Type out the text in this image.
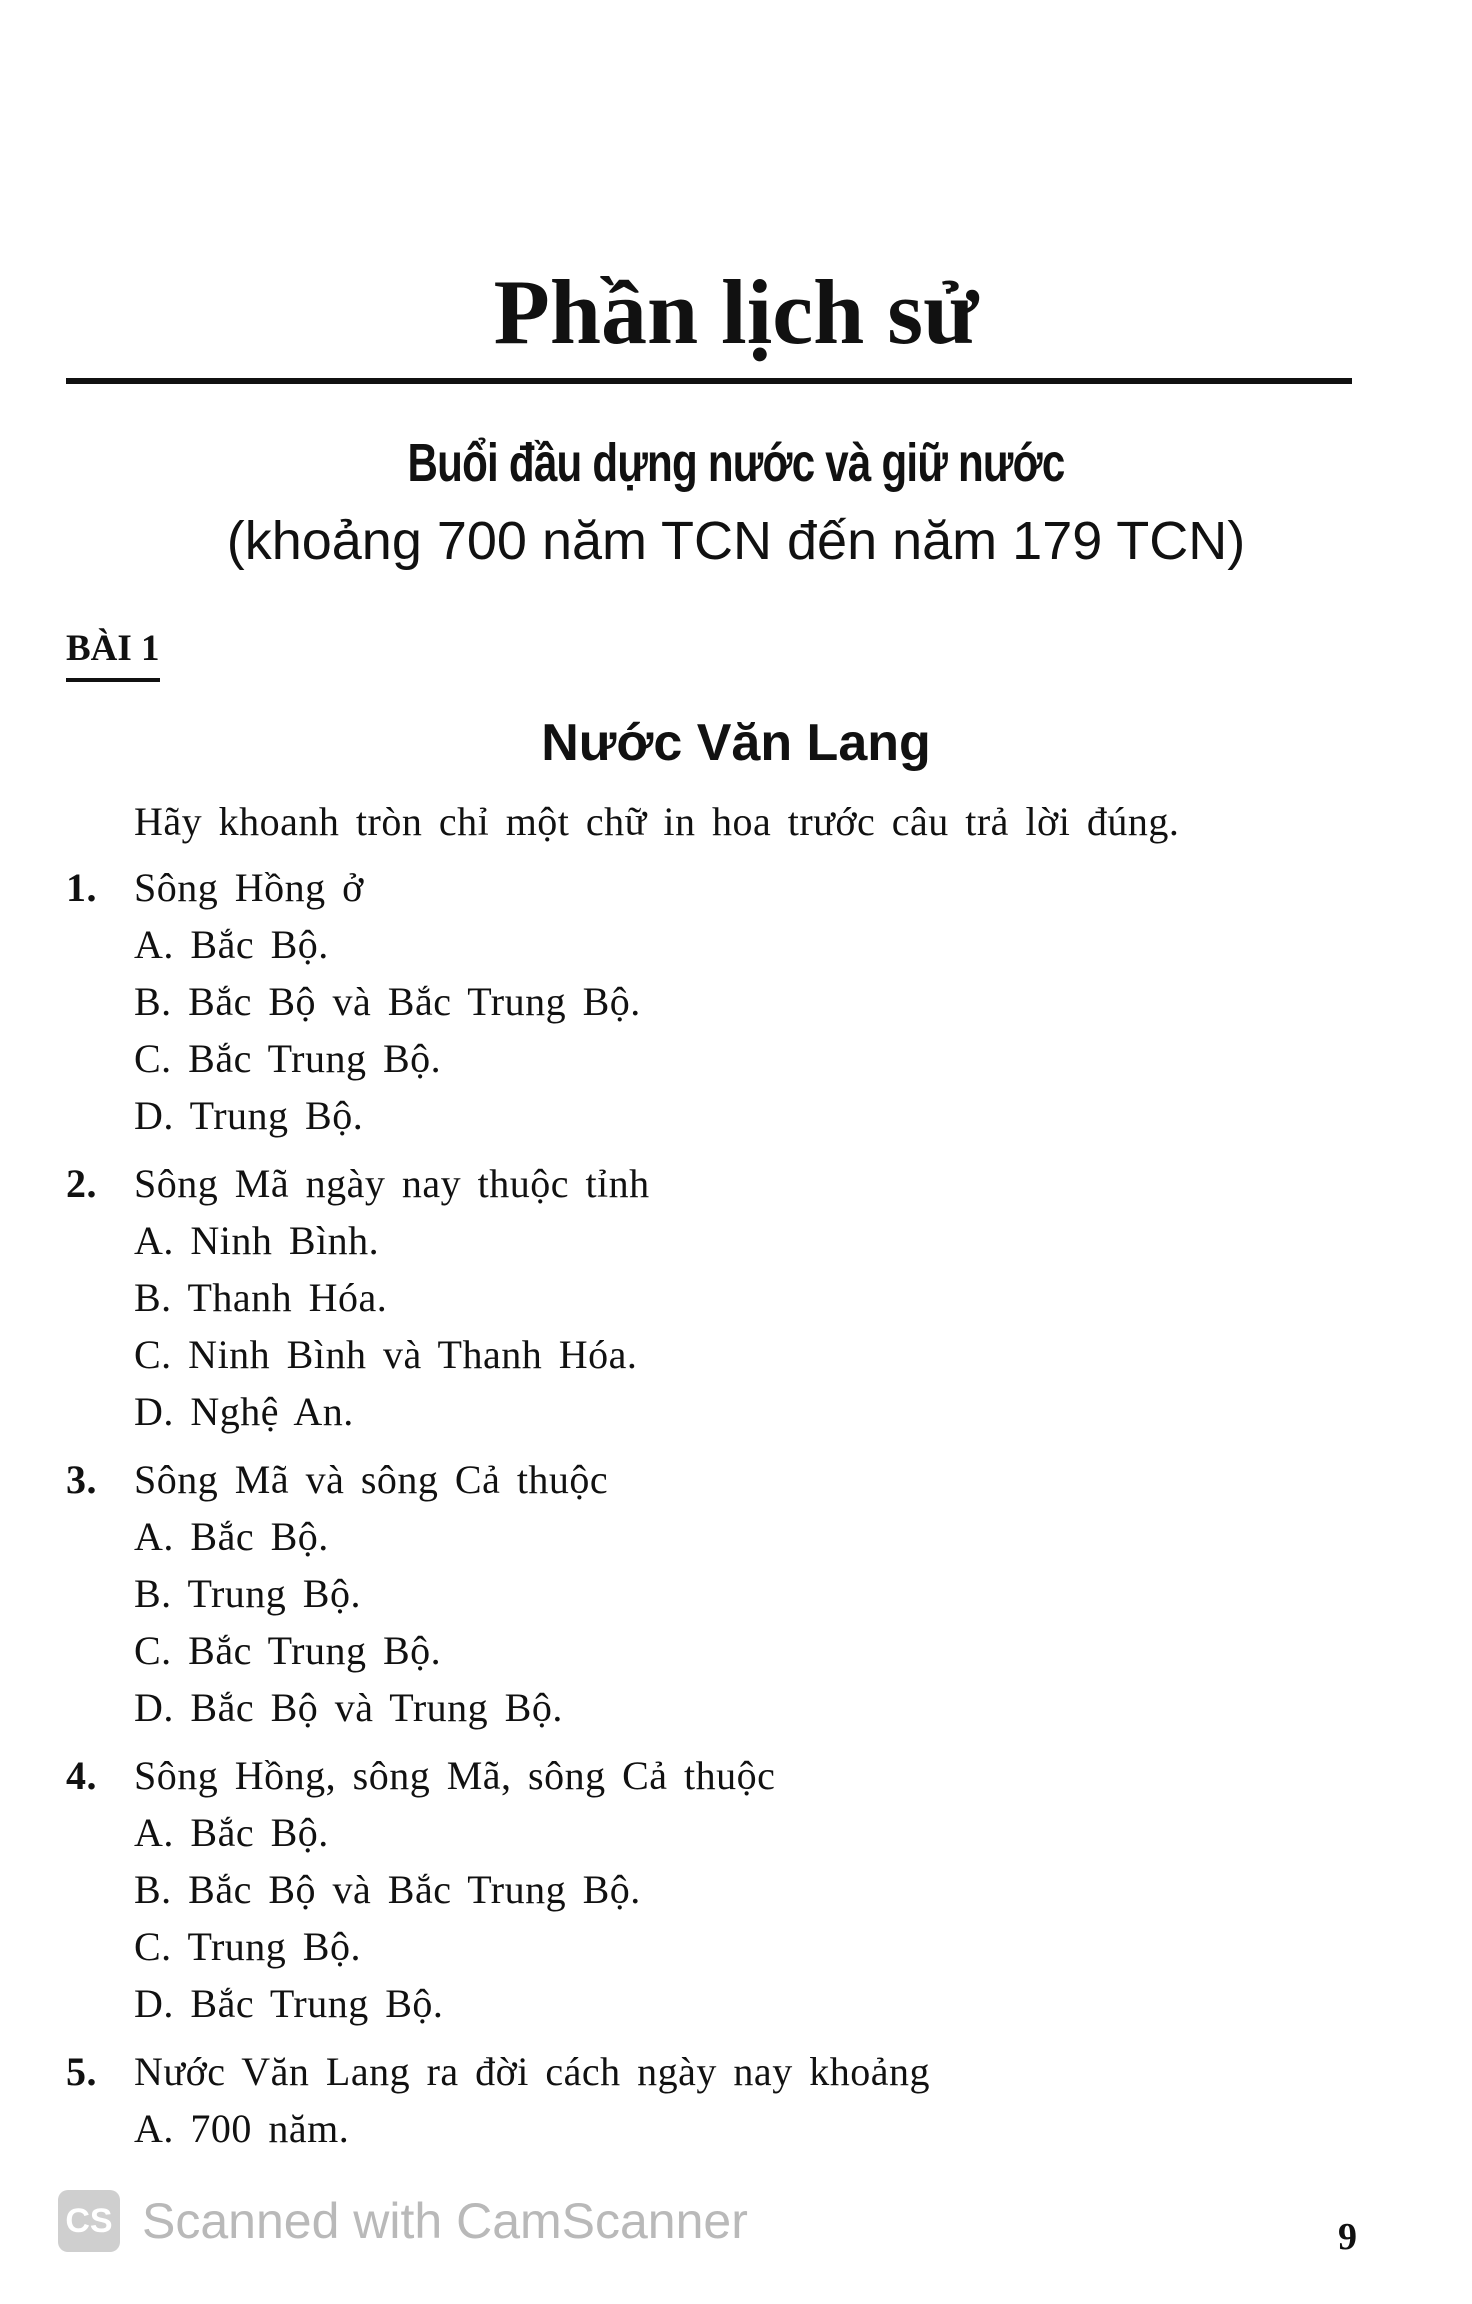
Phần lịch sử
Buổi đầu dựng nước và giữ nước
(khoảng 700 năm TCN đến năm 179 TCN)
BÀI 1
Nước Văn Lang
Hãy khoanh tròn chỉ một chữ in hoa trước câu trả lời đúng.
1. Sông Hồng ở
A. Bắc Bộ.
B. Bắc Bộ và Bắc Trung Bộ.
C. Bắc Trung Bộ.
D. Trung Bộ.
2. Sông Mã ngày nay thuộc tỉnh
A. Ninh Bình.
B. Thanh Hóa.
C. Ninh Bình và Thanh Hóa.
D. Nghệ An.
3. Sông Mã và sông Cả thuộc
A. Bắc Bộ.
B. Trung Bộ.
C. Bắc Trung Bộ.
D. Bắc Bộ và Trung Bộ.
4. Sông Hồng, sông Mã, sông Cả thuộc
A. Bắc Bộ.
B. Bắc Bộ và Bắc Trung Bộ.
C. Trung Bộ.
D. Bắc Trung Bộ.
5. Nước Văn Lang ra đời cách ngày nay khoảng
A. 700 năm.
CS Scanned with CamScanner	9
